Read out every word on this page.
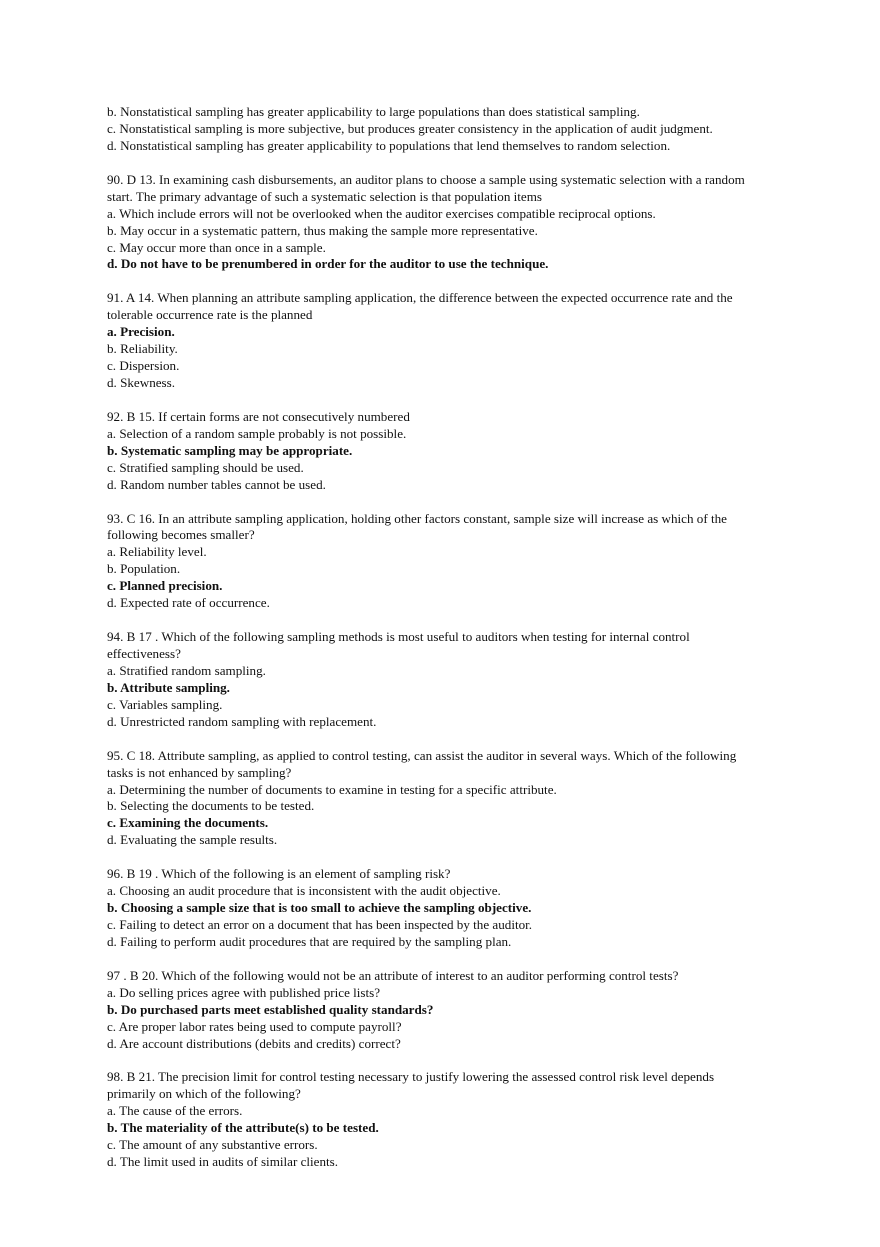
b. Nonstatistical sampling has greater applicability to large populations than does statistical sampling.
c. Nonstatistical sampling is more subjective, but produces greater consistency in the application of audit judgment.
d. Nonstatistical sampling has greater applicability to populations that lend themselves to random selection.
90. D 13. In examining cash disbursements, an auditor plans to choose a sample using systematic selection with a random
start. The primary advantage of such a systematic selection is that population items
a. Which include errors will not be overlooked when the auditor exercises compatible reciprocal options.
b. May occur in a systematic pattern, thus making the sample more representative.
c. May occur more than once in a sample.
d. Do not have to be prenumbered in order for the auditor to use the technique.
91. A 14. When planning an attribute sampling application, the difference between the expected occurrence rate and the
tolerable occurrence rate is the planned
a. Precision.
b. Reliability.
c. Dispersion.
d. Skewness.
92. B 15. If certain forms are not consecutively numbered
a. Selection of a random sample probably is not possible.
b. Systematic sampling may be appropriate.
c. Stratified sampling should be used.
d. Random number tables cannot be used.
93. C 16. In an attribute sampling application, holding other factors constant, sample size will increase as which of the
following becomes smaller?
a. Reliability level.
b. Population.
c. Planned precision.
d. Expected rate of occurrence.
94. B 17 . Which of the following sampling methods is most useful to auditors when testing for internal control
effectiveness?
a. Stratified random sampling.
b. Attribute sampling.
c. Variables sampling.
d. Unrestricted random sampling with replacement.
95. C 18. Attribute sampling, as applied to control testing, can assist the auditor in several ways. Which of the following
tasks is not enhanced by sampling?
a. Determining the number of documents to examine in testing for a specific attribute.
b. Selecting the documents to be tested.
c. Examining the documents.
d. Evaluating the sample results.
96. B 19 . Which of the following is an element of sampling risk?
a. Choosing an audit procedure that is inconsistent with the audit objective.
b. Choosing a sample size that is too small to achieve the sampling objective.
c. Failing to detect an error on a document that has been inspected by the auditor.
d. Failing to perform audit procedures that are required by the sampling plan.
97 . B 20. Which of the following would not be an attribute of interest to an auditor performing control tests?
a. Do selling prices agree with published price lists?
b. Do purchased parts meet established quality standards?
c. Are proper labor rates being used to compute payroll?
d. Are account distributions (debits and credits) correct?
98. B 21. The precision limit for control testing necessary to justify lowering the assessed control risk level depends
primarily on which of the following?
a. The cause of the errors.
b. The materiality of the attribute(s) to be tested.
c. The amount of any substantive errors.
d. The limit used in audits of similar clients.
